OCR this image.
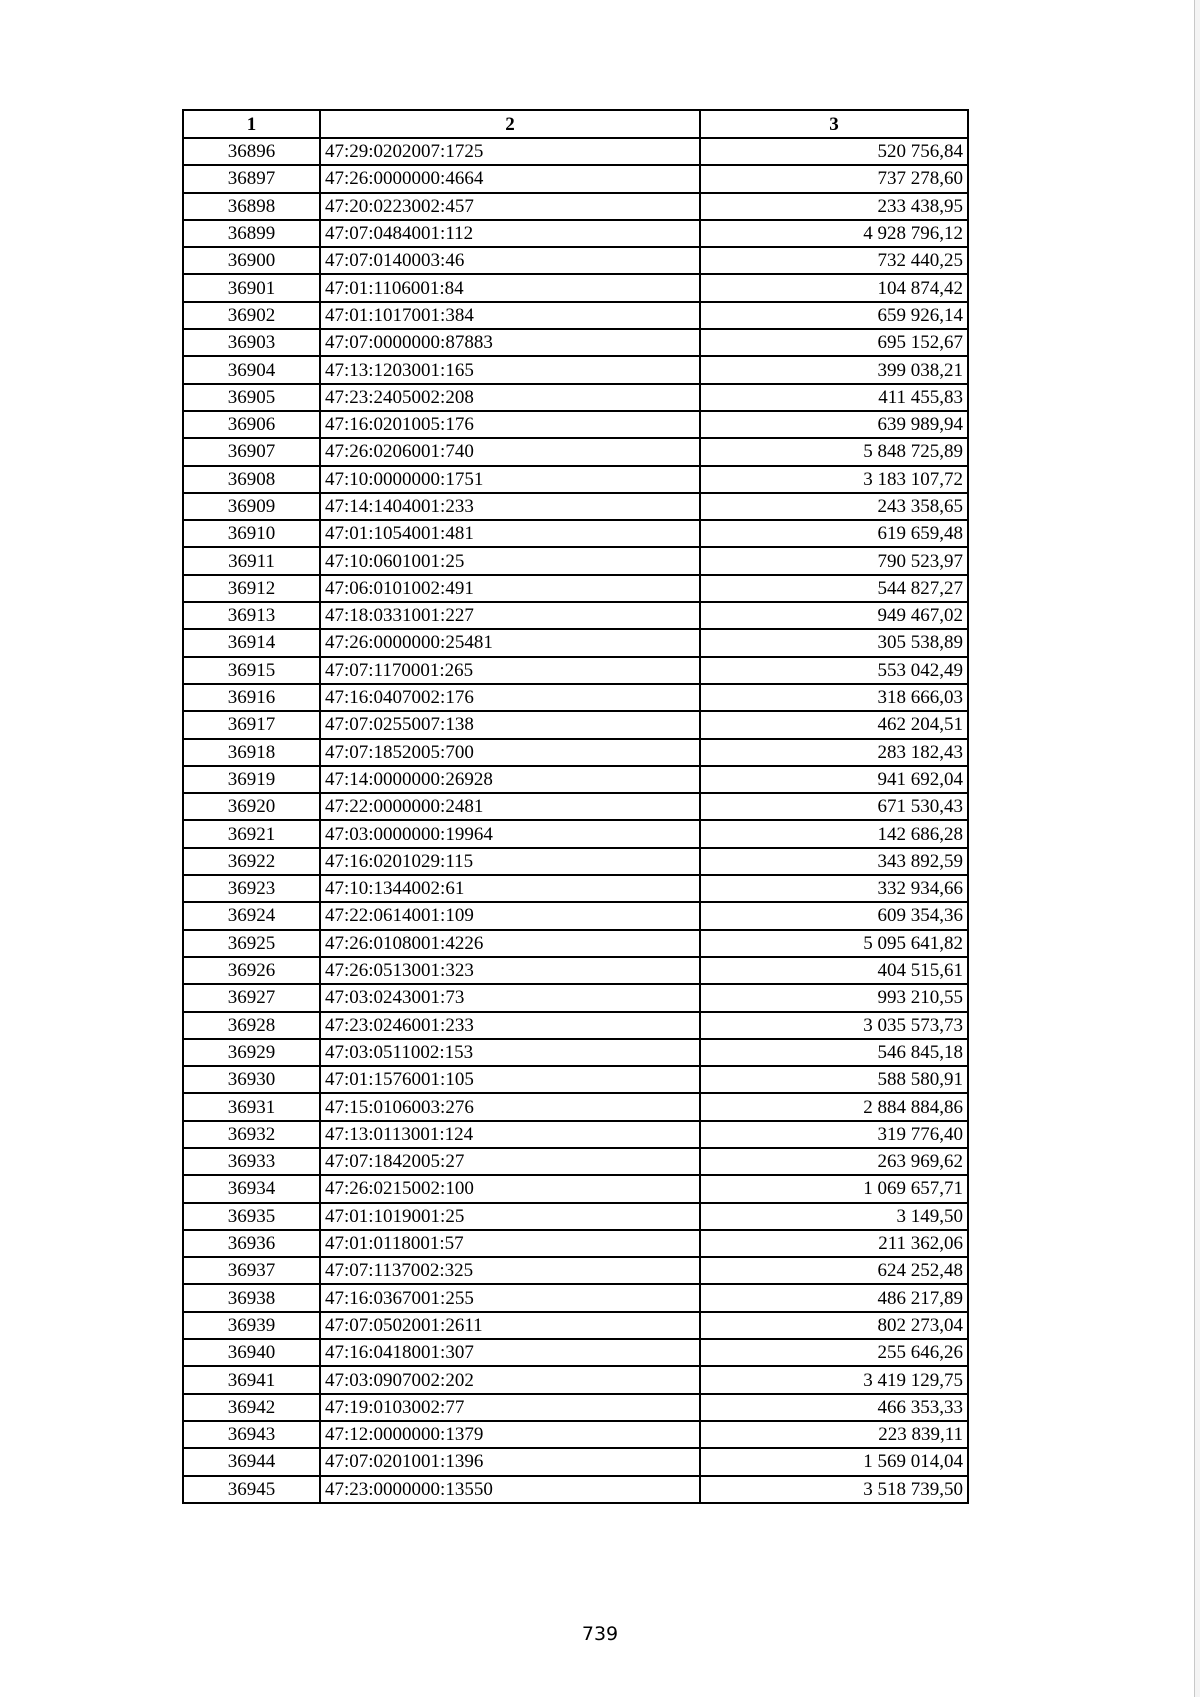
1	2	3
36896	47:29:0202007:1725	520 756,84
36897	47:26:0000000:4664	737 278,60
36898	47:20:0223002:457	233 438,95
36899	47:07:0484001:112	4 928 796,12
36900	47:07:0140003:46	732 440,25
36901	47:01:1106001:84	104 874,42
36902	47:01:1017001:384	659 926,14
36903	47:07:0000000:87883	695 152,67
36904	47:13:1203001:165	399 038,21
36905	47:23:2405002:208	411 455,83
36906	47:16:0201005:176	639 989,94
36907	47:26:0206001:740	5 848 725,89
36908	47:10:0000000:1751	3 183 107,72
36909	47:14:1404001:233	243 358,65
36910	47:01:1054001:481	619 659,48
36911	47:10:0601001:25	790 523,97
36912	47:06:0101002:491	544 827,27
36913	47:18:0331001:227	949 467,02
36914	47:26:0000000:25481	305 538,89
36915	47:07:1170001:265	553 042,49
36916	47:16:0407002:176	318 666,03
36917	47:07:0255007:138	462 204,51
36918	47:07:1852005:700	283 182,43
36919	47:14:0000000:26928	941 692,04
36920	47:22:0000000:2481	671 530,43
36921	47:03:0000000:19964	142 686,28
36922	47:16:0201029:115	343 892,59
36923	47:10:1344002:61	332 934,66
36924	47:22:0614001:109	609 354,36
36925	47:26:0108001:4226	5 095 641,82
36926	47:26:0513001:323	404 515,61
36927	47:03:0243001:73	993 210,55
36928	47:23:0246001:233	3 035 573,73
36929	47:03:0511002:153	546 845,18
36930	47:01:1576001:105	588 580,91
36931	47:15:0106003:276	2 884 884,86
36932	47:13:0113001:124	319 776,40
36933	47:07:1842005:27	263 969,62
36934	47:26:0215002:100	1 069 657,71
36935	47:01:1019001:25	3 149,50
36936	47:01:0118001:57	211 362,06
36937	47:07:1137002:325	624 252,48
36938	47:16:0367001:255	486 217,89
36939	47:07:0502001:2611	802 273,04
36940	47:16:0418001:307	255 646,26
36941	47:03:0907002:202	3 419 129,75
36942	47:19:0103002:77	466 353,33
36943	47:12:0000000:1379	223 839,11
36944	47:07:0201001:1396	1 569 014,04
36945	47:23:0000000:13550	3 518 739,50
739
